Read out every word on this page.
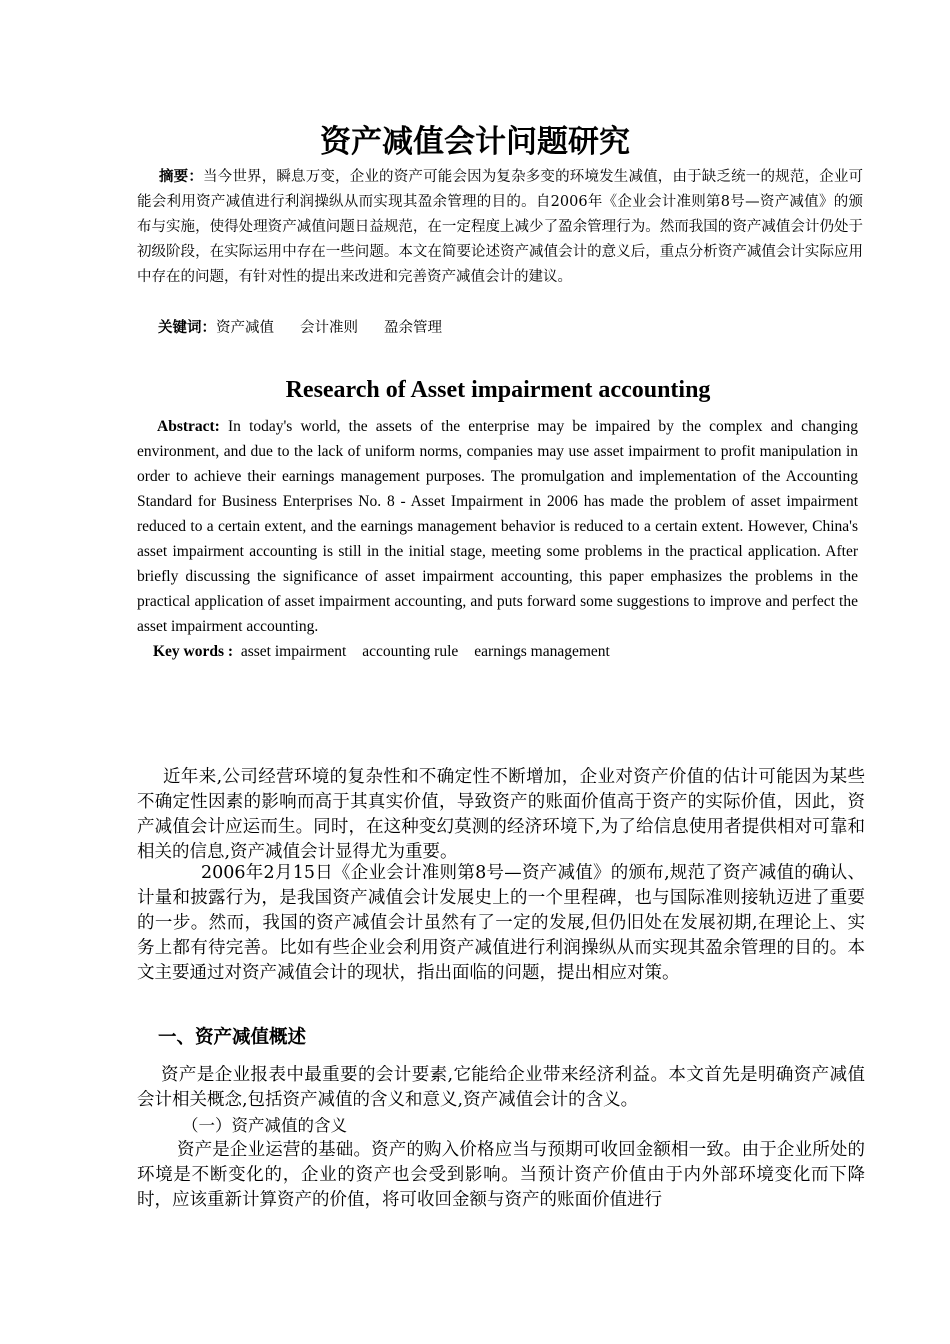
资产减值会计问题研究

摘要：当今世界，瞬息万变，企业的资产可能会因为复杂多变的环境发生减值，由于缺乏统一的规范，企业可能会利用资产减值进行利润操纵从而实现其盈余管理的目的。自2006年《企业会计准则第8号—资产减值》的颁布与实施，使得处理资产减值问题日益规范，在一定程度上减少了盈余管理行为。然而我国的资产减值会计仍处于初级阶段，在实际运用中存在一些问题。本文在简要论述资产减值会计的意义后，重点分析资产减值会计实际应用中存在的问题，有针对性的提出来改进和完善资产减值会计的建议。

关键词：资产减值 会计准则 盈余管理

Research of Asset impairment accounting

Abstract: In today's world, the assets of the enterprise may be impaired by the complex and changing environment, and due to the lack of uniform norms, companies may use asset impairment to profit manipulation in order to achieve their earnings management purposes. The promulgation and implementation of the Accounting Standard for Business Enterprises No. 8 - Asset Impairment in 2006 has made the problem of asset impairment reduced to a certain extent, and the earnings management behavior is reduced to a certain extent. However, China's asset impairment accounting is still in the initial stage, meeting some problems in the practical application. After briefly discussing the significance of asset impairment accounting, this paper emphasizes the problems in the practical application of asset impairment accounting, and puts forward some suggestions to improve and perfect the asset impairment accounting.

Key words : asset impairment accounting rule earnings management

近年来,公司经营环境的复杂性和不确定性不断增加，企业对资产价值的估计可能因为某些不确定性因素的影响而高于其真实价值，导致资产的账面价值高于资产的实际价值，因此，资产减值会计应运而生。同时，在这种变幻莫测的经济环境下,为了给信息使用者提供相对可靠和相关的信息,资产减值会计显得尤为重要。

2006年2月15日《企业会计准则第8号—资产减值》的颁布,规范了资产减值的确认、计量和披露行为，是我国资产减值会计发展史上的一个里程碑，也与国际准则接轨迈进了重要的一步。然而，我国的资产减值会计虽然有了一定的发展,但仍旧处在发展初期,在理论上、实务上都有待完善。比如有些企业会利用资产减值进行利润操纵从而实现其盈余管理的目的。本文主要通过对资产减值会计的现状，指出面临的问题，提出相应对策。

一、资产减值概述

资产是企业报表中最重要的会计要素,它能给企业带来经济利益。本文首先是明确资产减值会计相关概念,包括资产减值的含义和意义,资产减值会计的含义。

（一）资产减值的含义

资产是企业运营的基础。资产的购入价格应当与预期可收回金额相一致。由于企业所处的环境是不断变化的，企业的资产也会受到影响。当预计资产价值由于内外部环境变化而下降时，应该重新计算资产的价值，将可收回金额与资产的账面价值进行
